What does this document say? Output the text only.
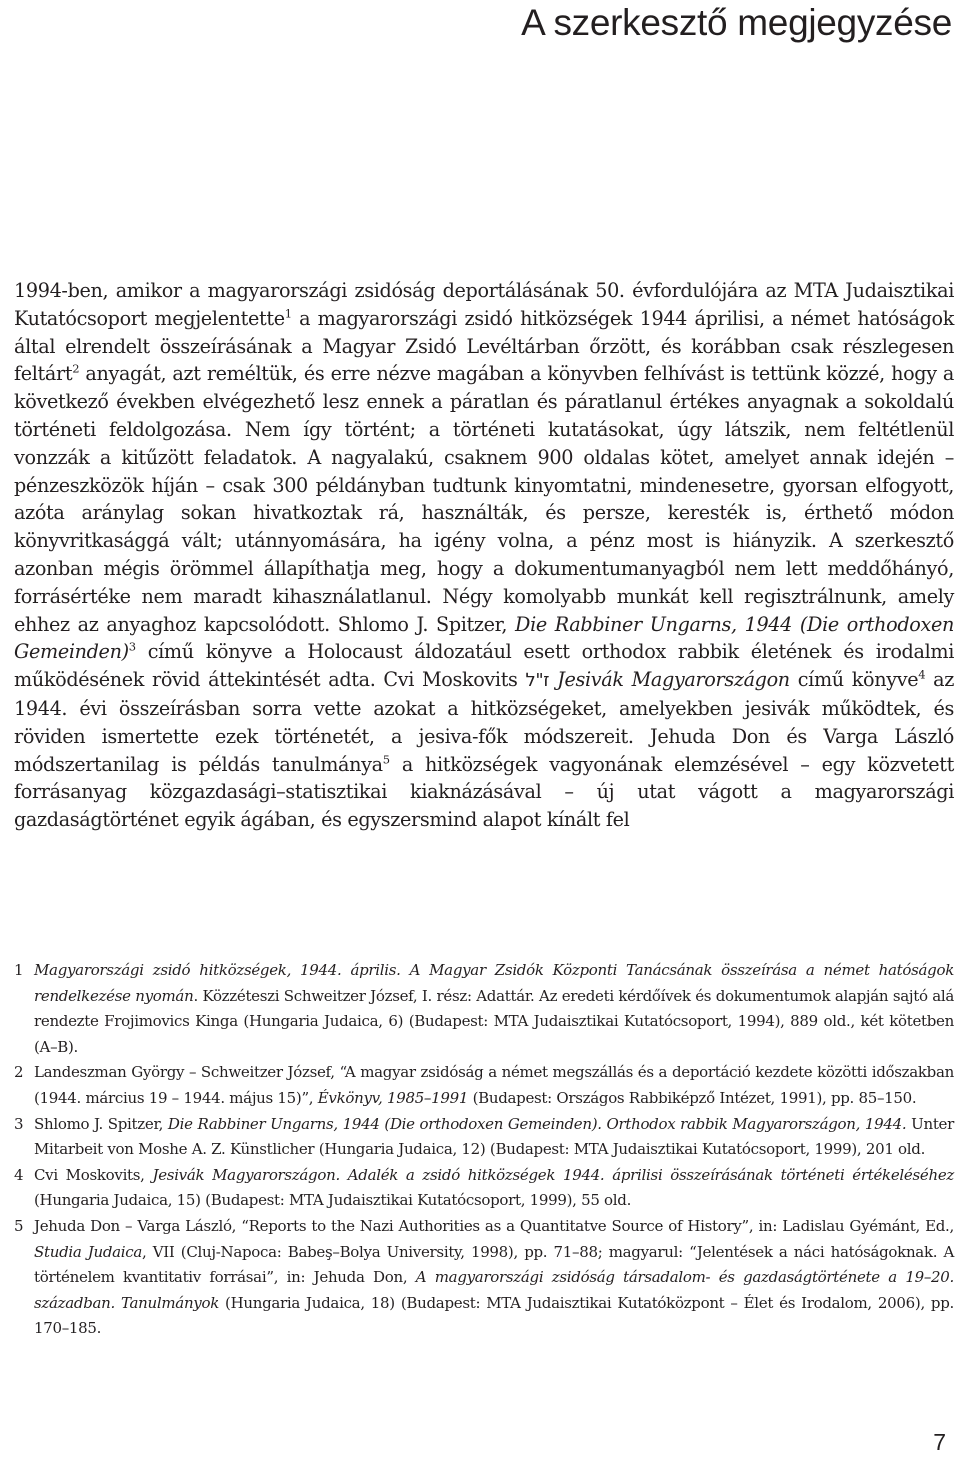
A szerkesztő megjegyzése

1994-ben, amikor a magyarországi zsidóság deportálásának 50. évfordulójára az MTA Judaisztikai Kutatócsoport megjelentette$^1$ a magyarországi zsidó hitközségek 1944 áprilisi, a német hatóságok által elrendelt összeírásának a Magyar Zsidó Levéltárban őrzött, és korábban csak részlegesen feltárt$^2$ anyagát, azt reméltük, és erre nézve magában a könyvben felhívást is tettünk közzé, hogy a következő években elvégezhető lesz ennek a páratlan és páratlanul értékes anyagnak a sokoldalú történeti feldolgozása. Nem így történt; a történeti kutatásokat, úgy látszik, nem feltétlenül vonzzák a kitűzött feladatok. A nagyalakú, csaknem 900 oldalas kötet, amelyet annak idején – pénzeszközök híján – csak 300 példányban tudtunk kinyomtatni, mindenesetre, gyorsan elfogyott, azóta aránylag sokan hivatkoztak rá, használták, és persze, keresték is, érthető módon könyvritkasággá vált; utánnyomására, ha igény volna, a pénz most is hiányzik. A szerkesztő azonban mégis örömmel állapíthatja meg, hogy a dokumentumanyagból nem lett meddőhányó, forrásértéke nem maradt kihasználatlanul. Négy komolyabb munkát kell regisztrálnunk, amely ehhez az anyaghoz kapcsolódott. Shlomo J. Spitzer, Die Rabbiner Ungarns, 1944 (Die orthodoxen Gemeinden)$^3$ című könyve a Holocaust áldozatául esett orthodox rabbik életének és irodalmi működésének rövid áttekintését adta. Cvi Moskovits ז"ל Jesivák Magyarországon című könyve$^4$ az 1944. évi összeírásban sorra vette azokat a hitközségeket, amelyekben jesivák működtek, és röviden ismertette ezek történetét, a jesiva-fők módszereit. Jehuda Don és Varga László módszertanilag is példás tanulmánya$^5$ a hitközségek vagyonának elemzésével – egy közvetett forrásanyag közgazdasági–statisztikai kiaknázásával – új utat vágott a magyarországi gazdaságtörténet egyik ágában, és egyszersmind alapot kínált fel

1 Magyarországi zsidó hitközségek, 1944. április. A Magyar Zsidók Központi Tanácsának összeírása a német hatóságok rendelkezése nyomán. Közzéteszi Schweitzer József, I. rész: Adattár. Az eredeti kérdőívek és dokumentumok alapján sajtó alá rendezte Frojimovics Kinga (Hungaria Judaica, 6) (Budapest: MTA Judaisztikai Kutatócsoport, 1994), 889 old., két kötetben (A–B).

2 Landeszman György – Schweitzer József, “A magyar zsidóság a német megszállás és a deportáció kezdete közötti időszakban (1944. március 19 – 1944. május 15)”, Évkönyv, 1985–1991 (Budapest: Országos Rabbiképző Intézet, 1991), pp. 85–150.

3 Shlomo J. Spitzer, Die Rabbiner Ungarns, 1944 (Die orthodoxen Gemeinden). Orthodox rabbik Magyarországon, 1944. Unter Mitarbeit von Moshe A. Z. Künstlicher (Hungaria Judaica, 12) (Budapest: MTA Judaisztikai Kutatócsoport, 1999), 201 old.

4 Cvi Moskovits, Jesivák Magyarországon. Adalék a zsidó hitközségek 1944. áprilisi összeírásának történeti értékeléséhez (Hungaria Judaica, 15) (Budapest: MTA Judaisztikai Kutatócsoport, 1999), 55 old.

5 Jehuda Don – Varga László, “Reports to the Nazi Authorities as a Quantitatve Source of History”, in: Ladislau Gyémánt, Ed., Studia Judaica, VII (Cluj-Napoca: Babeş–Bolya University, 1998), pp. 71–88; magyarul: “Jelentések a náci hatóságoknak. A történelem kvantitativ forrásai”, in: Jehuda Don, A magyarországi zsidóság társadalom- és gazdaságtörténete a 19–20. században. Tanulmányok (Hungaria Judaica, 18) (Budapest: MTA Judaisztikai Kutatóközpont – Élet és Irodalom, 2006), pp. 170–185.

7
